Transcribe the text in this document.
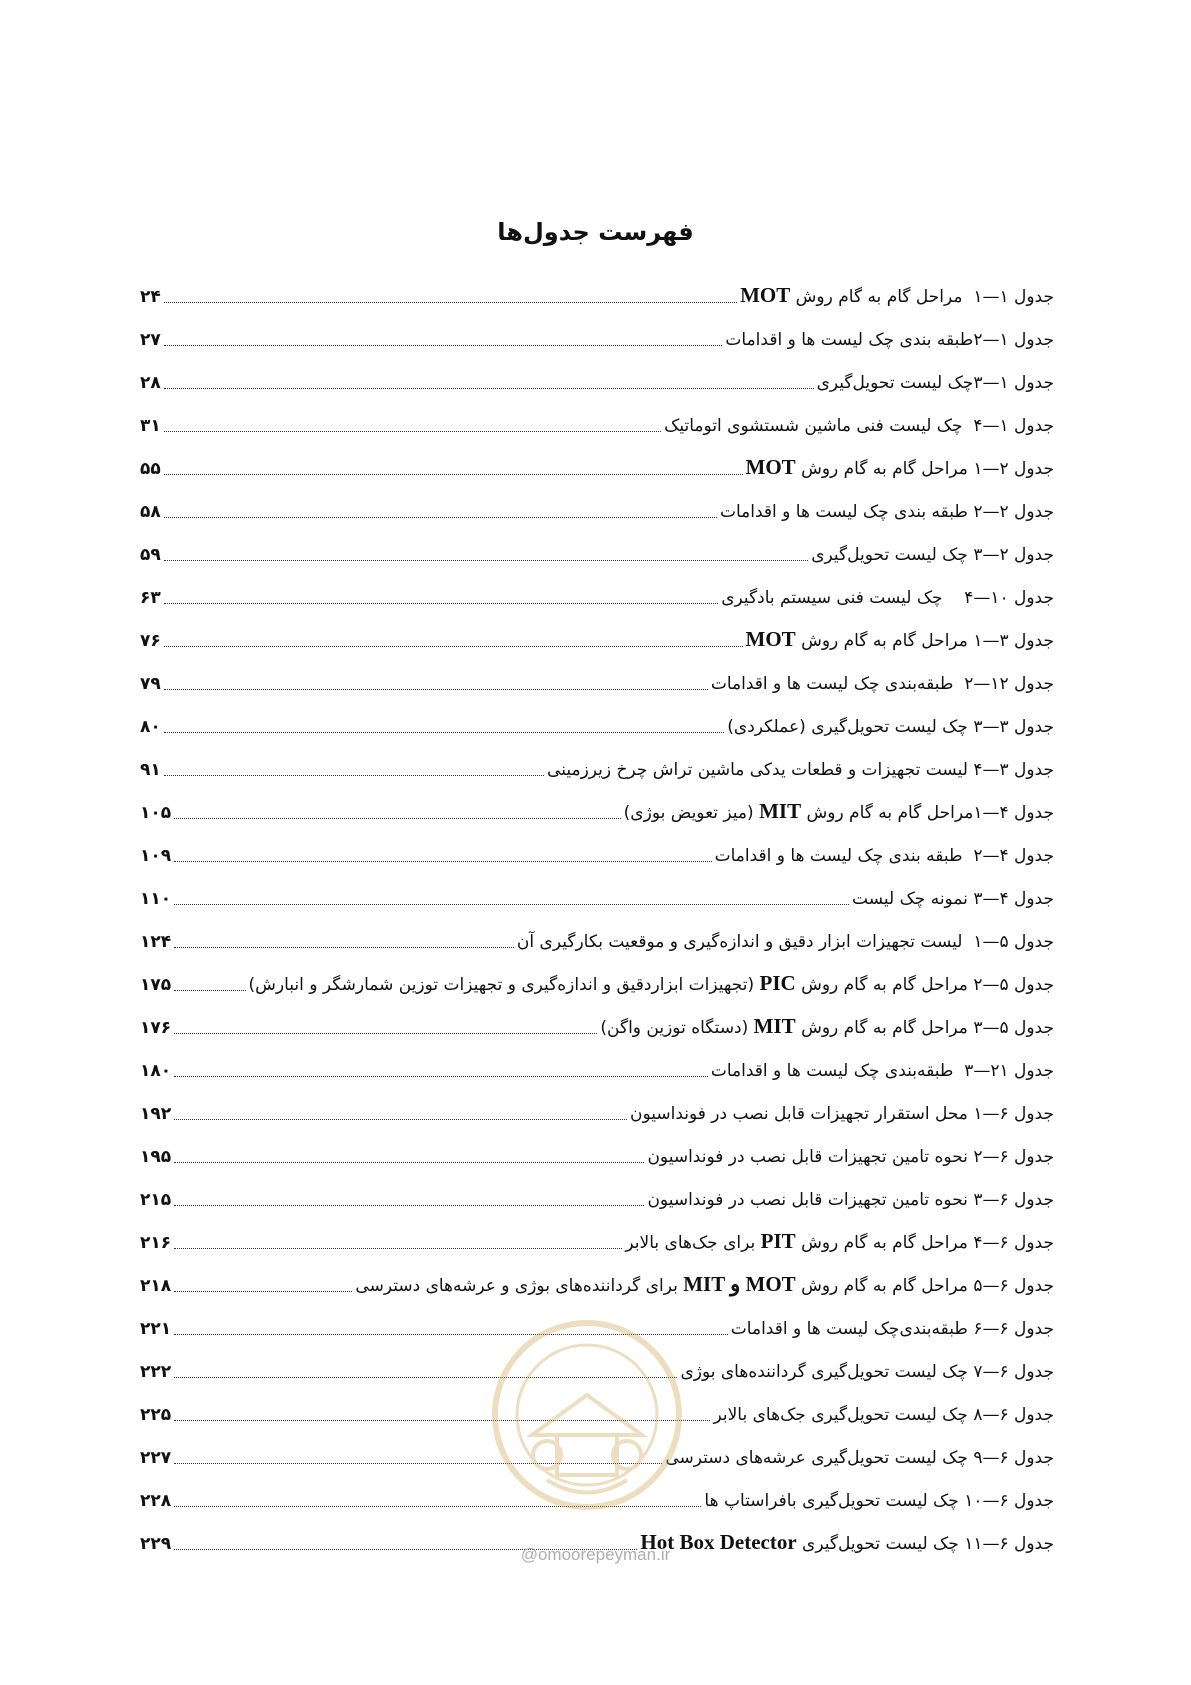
فهرست جدول‌ها
جدول ۱—۱  مراحل گام به گام روش MOT
۲۴
جدول ۱—۲طبقه بندی چک لیست ها و اقدامات
۲۷
جدول ۱—۳چک لیست تحویل‌گیری
۲۸
جدول ۱—۴  چک لیست فنی ماشین شستشوی اتوماتیک
۳۱
جدول ۲—۱ مراحل گام به گام روش MOT
۵۵
جدول ۲—۲ طبقه بندی چک لیست ها و اقدامات
۵۸
جدول ۲—۳ چک لیست تحویل‌گیری
۵۹
جدول ۱۰—۴    چک لیست فنی سیستم بادگیری
۶۳
جدول ۳—۱ مراحل گام به گام روش MOT
۷۶
جدول ۱۲—۲  طبقه‌بندی چک لیست ها و اقدامات
۷۹
جدول ۳—۳ چک لیست تحویل‌گیری (عملکردی)
۸۰
جدول ۳—۴ لیست تجهیزات و قطعات یدکی ماشین تراش چرخ زیرزمینی
۹۱
جدول ۴—۱مراحل گام به گام روش MIT (میز تعویض بوژی)
۱۰۵
جدول ۴—۲  طبقه بندی چک لیست ها و اقدامات
۱۰۹
جدول ۴—۳ نمونه چک لیست
۱۱۰
جدول ۵—۱  لیست تجهیزات ابزار دقیق و اندازه‌گیری و موقعیت بکارگیری آن
۱۲۴
جدول ۵—۲ مراحل گام به گام روش PIC (تجهیزات ابزاردقیق و اندازه‌گیری و تجهیزات توزین شمارشگر و انبارش)
۱۷۵
جدول ۵—۳ مراحل گام به گام روش MIT (دستگاه توزین واگن)
۱۷۶
جدول ۲۱—۳  طبقه‌بندی چک لیست ها و اقدامات
۱۸۰
جدول ۶—۱ محل استقرار تجهیزات قابل نصب در فونداسیون
۱۹۲
جدول ۶—۲ نحوه تامین تجهیزات قابل نصب در فونداسیون
۱۹۵
جدول ۶—۳ نحوه تامین تجهیزات قابل نصب در فونداسیون
۲۱۵
جدول ۶—۴ مراحل گام به گام روش PIT برای جک‌های بالابر
۲۱۶
جدول ۶—۵ مراحل گام به گام روش MIT و MOT برای گرداننده‌های بوژی و عرشه‌های دسترسی
۲۱۸
جدول ۶—۶ طبقه‌بندی‌چک لیست ها و اقدامات
۲۲۱
جدول ۶—۷ چک لیست تحویل‌گیری گرداننده‌های بوژی
۲۲۲
جدول ۶—۸ چک لیست تحویل‌گیری جک‌های بالابر
۲۲۵
جدول ۶—۹ چک لیست تحویل‌گیری عرشه‌های دسترسی
۲۲۷
جدول ۶—۱۰ چک لیست تحویل‌گیری بافراستاپ ها
۲۲۸
جدول ۶—۱۱ چک لیست تحویل‌گیری Hot Box Detector
۲۲۹
@omoorepeyman.ir
